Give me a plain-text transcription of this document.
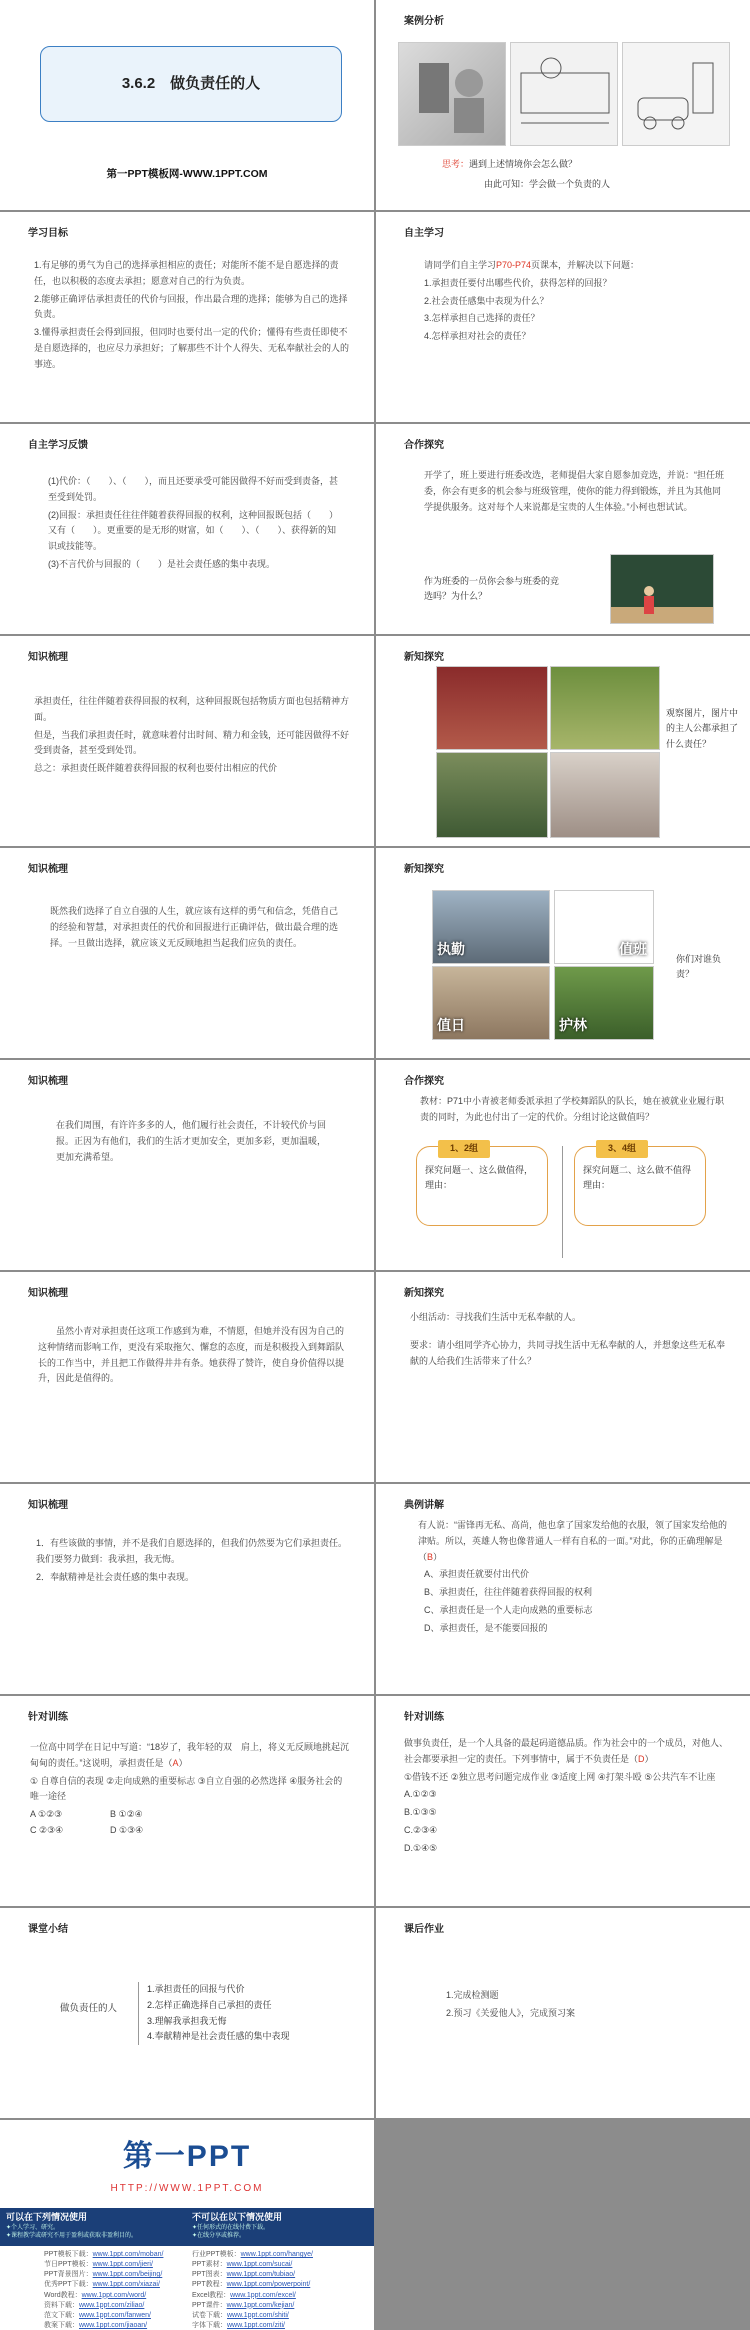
3.6.2　做负责任的人
第一PPT模板网-WWW.1PPT.COM
案例分析
思考：遇到上述情境你会怎么做？
由此可知：学会做一个负责的人
学习目标

1.有足够的勇气为自己的选择承担相应的责任；对能所不能不是自愿选择的责任，也以积极的态度去承担；愿意对自己的行为负责。

2.能够正确评估承担责任的代价与回报，作出最合理的选择；能够为自己的选择负责。

3.懂得承担责任会得到回报，但同时也要付出一定的代价；懂得有些责任即使不是自愿选择的，也应尽力承担好；了解那些不计个人得失、无私奉献社会的人的事迹。

自主学习

请同学们自主学习P70-P74页课本，并解决以下问题：

1.承担责任要付出哪些代价，获得怎样的回报？

2.社会责任感集中表现为什么？

3.怎样承担自己选择的责任？

4.怎样承担对社会的责任？

自主学习反馈

(1)代价：（　　）、（　　），而且还要承受可能因做得不好而受到责备，甚至受到处罚。

(2)回报：承担责任往往伴随着获得回报的权利，这种回报既包括（　　）又有（　　）。更重要的是无形的财富，如（　　）、（　　）、获得新的知识或技能等。

(3)不言代价与回报的（　　）是社会责任感的集中表现。

合作探究

开学了，班上要进行班委改选，老师提倡大家自愿参加竞选，并说：“担任班委，你会有更多的机会参与班级管理，使你的能力得到锻炼，并且为其他同学提供服务。这对每个人来说都是宝贵的人生体验。”小柯也想试试。

作为班委的一员你会参与班委的竞选吗？为什么？
知识梳理

承担责任，往往伴随着获得回报的权利，这种回报既包括物质方面也包括精神方面。

但是，当我们承担责任时，就意味着付出时间、精力和金钱，还可能因做得不好受到责备，甚至受到处罚。

总之：承担责任既伴随着获得回报的权利也要付出相应的代价

新知探究
观察图片，图片中的主人公都承担了什么责任？
知识梳理

既然我们选择了自立自强的人生，就应该有这样的勇气和信念，凭借自己的经验和智慧，对承担责任的代价和回报进行正确评估，做出最合理的选择。一旦做出选择，就应该义无反顾地担当起我们应负的责任。

新知探究
执勤	值班
值日	护林
你们对谁负责？
知识梳理

在我们周围，有许许多多的人，他们履行社会责任，不计较代价与回报。正因为有他们，我们的生活才更加安全，更加多彩，更加温暖，更加充满希望。

合作探究

教材：P71中小青被老师委派承担了学校舞蹈队的队长，她在被就业业履行职责的同时，为此也付出了一定的代价。分组讨论这做值吗？

探究问题一、这么做值得，理由：
1、2组
探究问题二、这么做不值得理由：
3、4组
知识梳理

虽然小青对承担责任这项工作感到为难，不情愿，但她并没有因为自己的这种情绪而影响工作，更没有采取拖欠、懈怠的态度，而是积极投入到舞蹈队长的工作当中，并且把工作做得井井有条。她获得了赞许，使自身价值得以提升，因此是值得的。

新知探究

小组活动：寻找我们生活中无私奉献的人。

要求：请小组同学齐心协力，共同寻找生活中无私奉献的人，并想象这些无私奉献的人给我们生活带来了什么？

知识梳理

1．有些该做的事情，并不是我们自愿选择的，但我们仍然要为它们承担责任。我们要努力做到：我承担，我无悔。

2．奉献精神是社会责任感的集中表现。

典例讲解

有人说：“雷锋再无私、高尚，他也拿了国家发给他的衣服，领了国家发给他的津贴。所以，英雄人物也像普通人一样有自私的一面。”对此，你的正确理解是（B）

A、承担责任就要付出代价

B、承担责任，往往伴随着获得回报的权利

C、承担责任是一个人走向成熟的重要标志

D、承担责任，是不能要回报的

针对训练

一位高中同学在日记中写道：“18岁了，我年轻的双　肩上，将义无反顾地挑起沉甸甸的责任。”这说明，承担责任是（A）

① 自尊自信的表现 ②走向成熟的重要标志 ③自立自强的必然选择 ④服务社会的唯一途径

A ①②③	B ①②④
C ②③④	D ①③④
针对训练

做事负责任，是一个人具备的最起码道德品质。作为社会中的一个成员，对他人、社会都要承担一定的责任。下列事情中，属于不负责任是（D）

①借钱不还 ②独立思考问题完成作业 ③适度上网 ④打架斗殴 ⑤公共汽车不让座

A.①②③

B.①③⑤

C.②③④

D.①④⑤

课堂小结
做负责任的人
1.承担责任的回报与代价
2.怎样正确选择自己承担的责任
3.理解我承担我无悔
4.奉献精神是社会责任感的集中表现
课后作业

1.完成检测题

2.预习《关爱他人》，完成预习案

第一PPT
HTTP://WWW.1PPT.COM
可以在下列情况使用
✦个人学习、研究。
✦课程教学或研究不用于盈利或获取非盈利目的。
不可以在以下情况使用
✦任何形式的在线付费下载。
✦在线分享或推荐。
PPT模板下载：www.1ppt.com/moban/
节日PPT模板：www.1ppt.com/jieri/
PPT背景图片：www.1ppt.com/beijing/
优秀PPT下载：www.1ppt.com/xiazai/
Word教程：www.1ppt.com/word/
资料下载：www.1ppt.com/ziliao/
范文下载：www.1ppt.com/fanwen/
教案下载：www.1ppt.com/jiaoan/
行业PPT模板：www.1ppt.com/hangye/
PPT素材：www.1ppt.com/sucai/
PPT图表：www.1ppt.com/tubiao/
PPT教程：www.1ppt.com/powerpoint/
Excel教程：www.1ppt.com/excel/
PPT课件：www.1ppt.com/kejian/
试卷下载：www.1ppt.com/shiti/
字体下载：www.1ppt.com/ziti/
